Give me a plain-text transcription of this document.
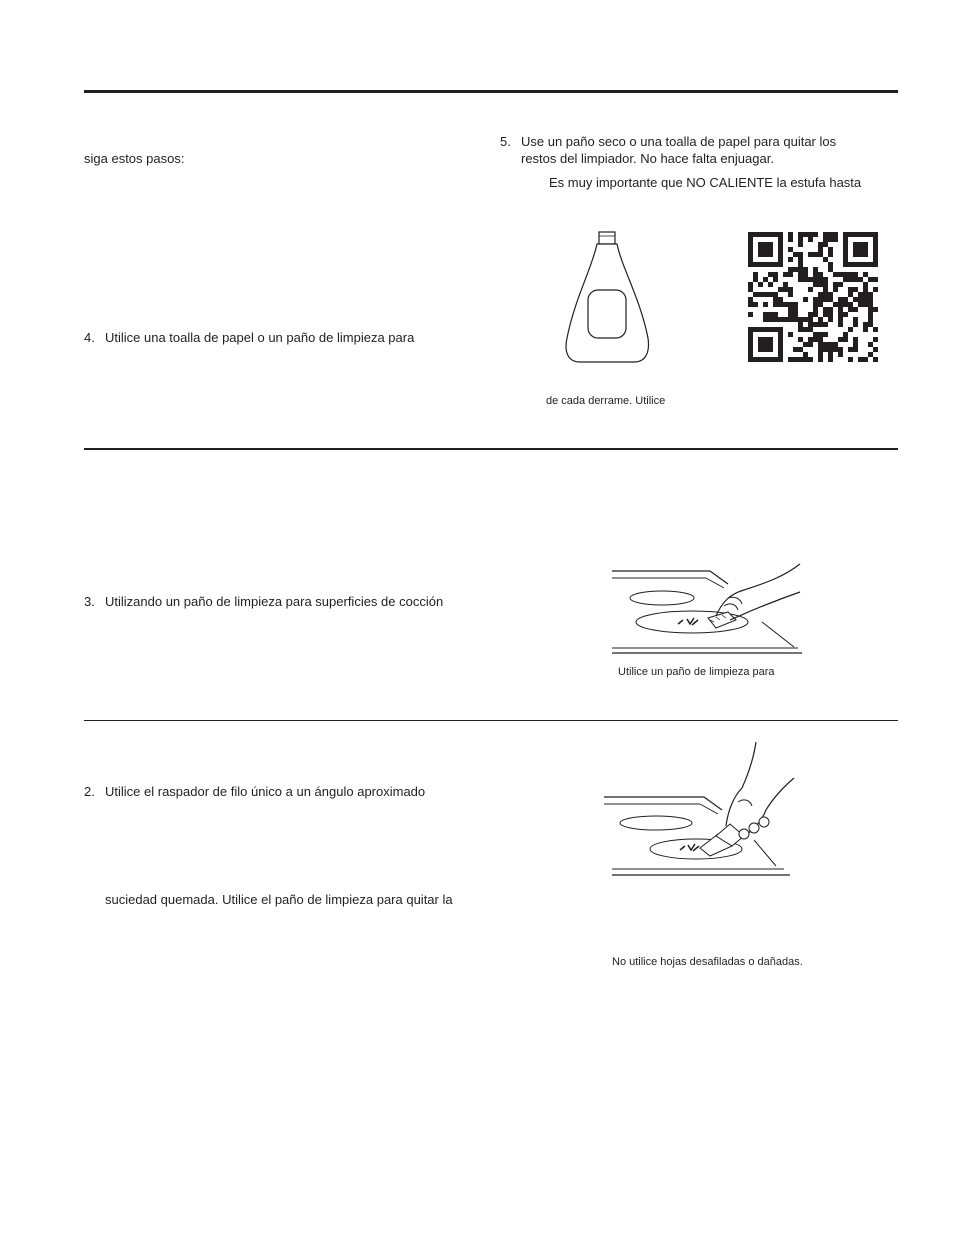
siga estos pasos:
4. Utilice una toalla de papel o un paño de limpieza para
5. Use un paño seco o una toalla de papel para quitar los
restos del limpiador. No hace falta enjuagar.
Es muy importante que NO CALIENTE la estufa hasta
de cada derrame. Utilice
3. Utilizando un paño de limpieza para superficies de cocción
Utilice un paño de limpieza para
2. Utilice el raspador de filo único a un ángulo aproximado
suciedad quemada. Utilice el paño de limpieza para quitar la
No utilice hojas desafiladas o dañadas.
